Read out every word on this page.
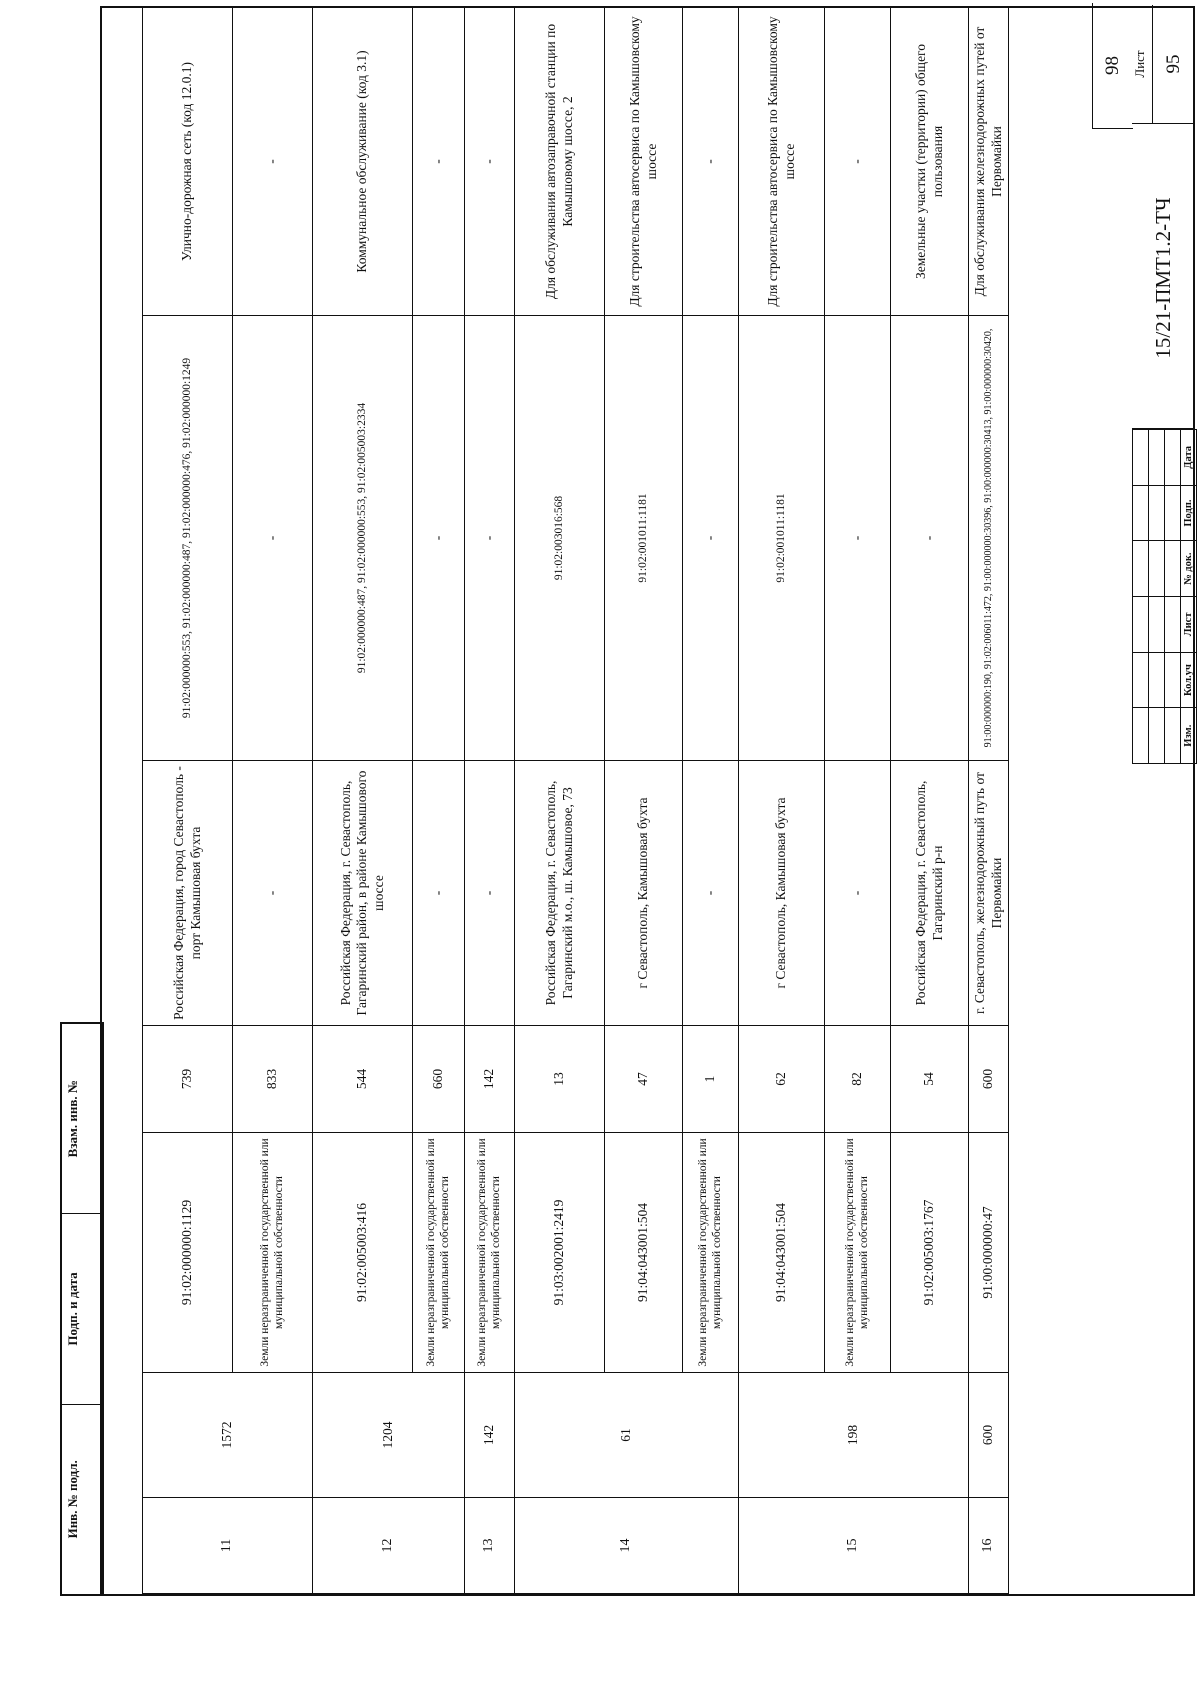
Инв. № подл.
Подп. и дата
Взам. инв. №
11	1572	91:02:000000:1129	739	Российская Федерация, город Севастополь - порт Камышовая бухта	91:02:000000:553, 91:02:000000:487, 91:02:000000:476, 91:02:000000:1249	Улично-дорожная сеть (код 12.0.1)
		Земли неразграниченной государственной или муниципальной собственности	833	-	-	-
12	1204	91:02:005003:416	544	Российская Федерация, г. Севастополь, Гагаринский район, в районе Камышового шоссе	91:02:000000:487, 91:02:000000:553, 91:02:005003:2334	Коммунальное обслуживание (код 3.1)
		Земли неразграниченной государственной или муниципальной собственности	660	-	-	-
13	142	Земли неразграниченной государственной или муниципальной собственности	142	-	-	-
14	61	91:03:002001:2419	13	Российская Федерация, г. Севастополь, Гагаринский м.о., ш. Камышовое, 73	91:02:003016:568	Для обслуживания автозаправочной станции по Камышовому шоссе, 2
		91:04:043001:504	47	г Севастополь, Камышовая бухта	91:02:001011:1181	Для строительства автосервиса по Камышовскому шоссе
		Земли неразграниченной государственной или муниципальной собственности	1	-	-	-
15	198	91:04:043001:504	62	г Севастополь, Камышовая бухта	91:02:001011:1181	Для строительства автосервиса по Камышовскому шоссе
		Земли неразграниченной государственной или муниципальной собственности	82	-	-	-
		91:02:005003:1767	54	Российская Федерация, г. Севастополь, Гагаринский р-н	-	Земельные участки (территории) общего пользования
16	600	91:00:000000:47	600	г. Севастополь, железнодорожный путь от Первомайки	91:00:000000:190, 91:02:006011:472, 91:00:000000:30396, 91:00:000000:30413, 91:00:000000:30420,	Для обслуживания железнодорожных путей от Первомайки
98

Изм.	Кол.уч	Лист	№ док.	Подп.	Дата
15/21-ПМТ1.2-ТЧ
Лист 95
